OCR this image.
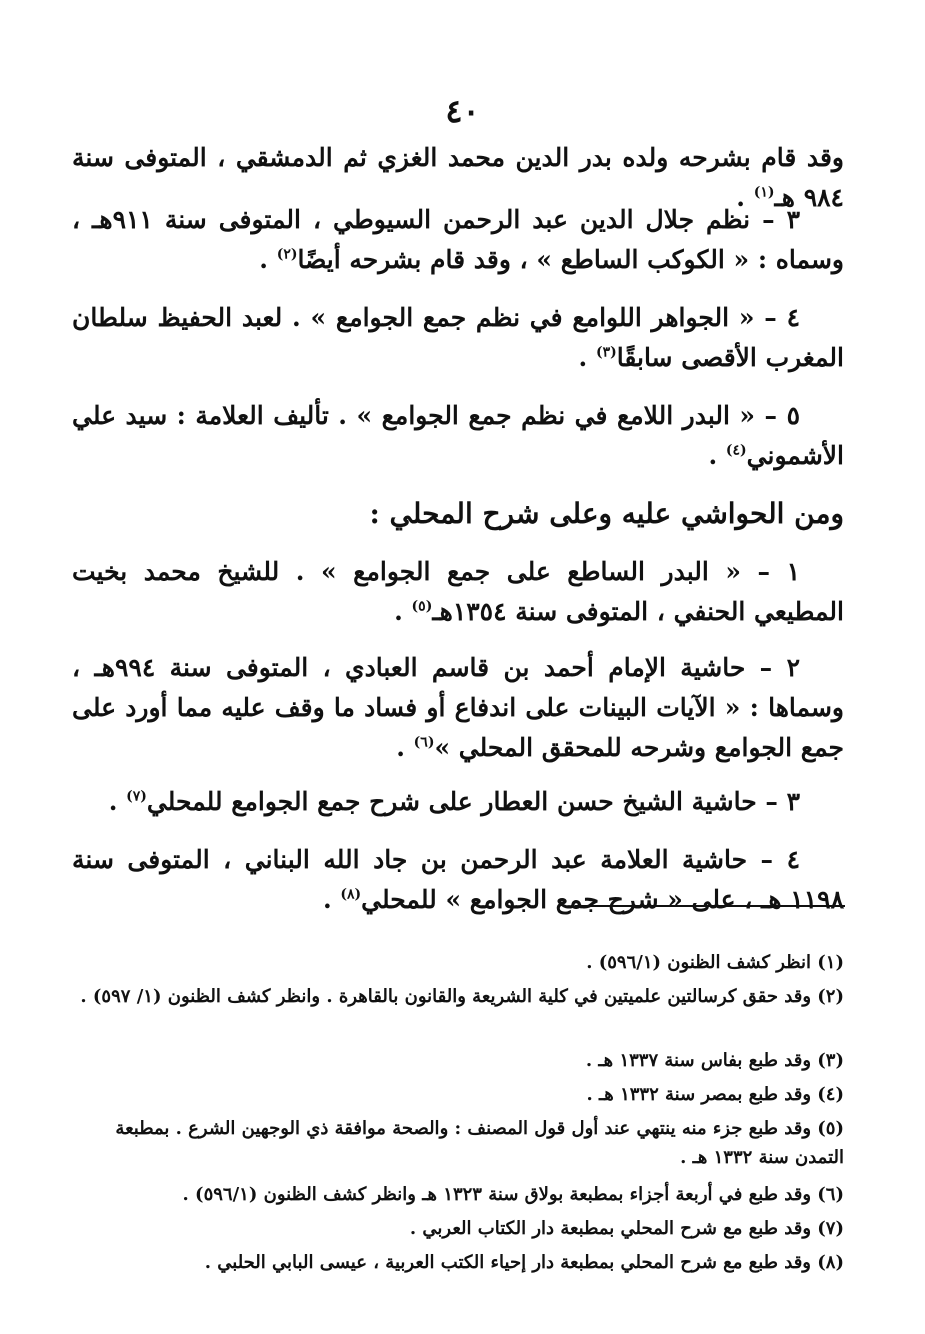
٤٠
وقد قام بشرحه ولده بدر الدين محمد الغزي ثم الدمشقي ، المتوفى سنة ٩٨٤ هـ$^{(١)}$ .
٣ – نظم جلال الدين عبد الرحمن السيوطي ، المتوفى سنة ٩١١هـ ، وسماه : « الكوكب الساطع » ، وقد قام بشرحه أيضًا$^{(٢)}$ .
٤ – « الجواهر اللوامع في نظم جمع الجوامع » . لعبد الحفيظ سلطان المغرب الأقصى سابقًا$^{(٣)}$ .
٥ – « البدر اللامع في نظم جمع الجوامع » . تأليف العلامة : سيد علي الأشموني$^{(٤)}$ .
ومن الحواشي عليه وعلى شرح المحلي :
١ – « البدر الساطع على جمع الجوامع » . للشيخ محمد بخيت المطيعي الحنفي ، المتوفى سنة ١٣٥٤هـ$^{(٥)}$ .
٢ – حاشية الإمام أحمد بن قاسم العبادي ، المتوفى سنة ٩٩٤هـ ، وسماها : « الآيات البينات على اندفاع أو فساد ما وقف عليه مما أورد على جمع الجوامع وشرحه للمحقق المحلي »$^{(٦)}$ .
٣ – حاشية الشيخ حسن العطار على شرح جمع الجوامع للمحلي$^{(٧)}$ .
٤ – حاشية العلامة عبد الرحمن بن جاد الله البناني ، المتوفى سنة ١١٩٨ هـ ، على « شرح جمع الجوامع » للمحلي$^{(٨)}$ .
(١) انظر كشف الظنون (٥٩٦/١) .
(٢) وقد حقق كرسالتين علميتين في كلية الشريعة والقانون بالقاهرة . وانظر كشف الظنون (١/ ٥٩٧) .
(٣) وقد طبع بفاس سنة ١٣٣٧ هـ .
(٤) وقد طبع بمصر سنة ١٣٣٢ هـ .
(٥) وقد طبع جزء منه ينتهي عند أول قول المصنف : والصحة موافقة ذي الوجهين الشرع . بمطبعة التمدن سنة ١٣٣٢ هـ .
(٦) وقد طبع في أربعة أجزاء بمطبعة بولاق سنة ١٣٢٣ هـ وانظر كشف الظنون (٥٩٦/١) .
(٧) وقد طبع مع شرح المحلي بمطبعة دار الكتاب العربي .
(٨) وقد طبع مع شرح المحلي بمطبعة دار إحياء الكتب العربية ، عيسى البابي الحلبي .
